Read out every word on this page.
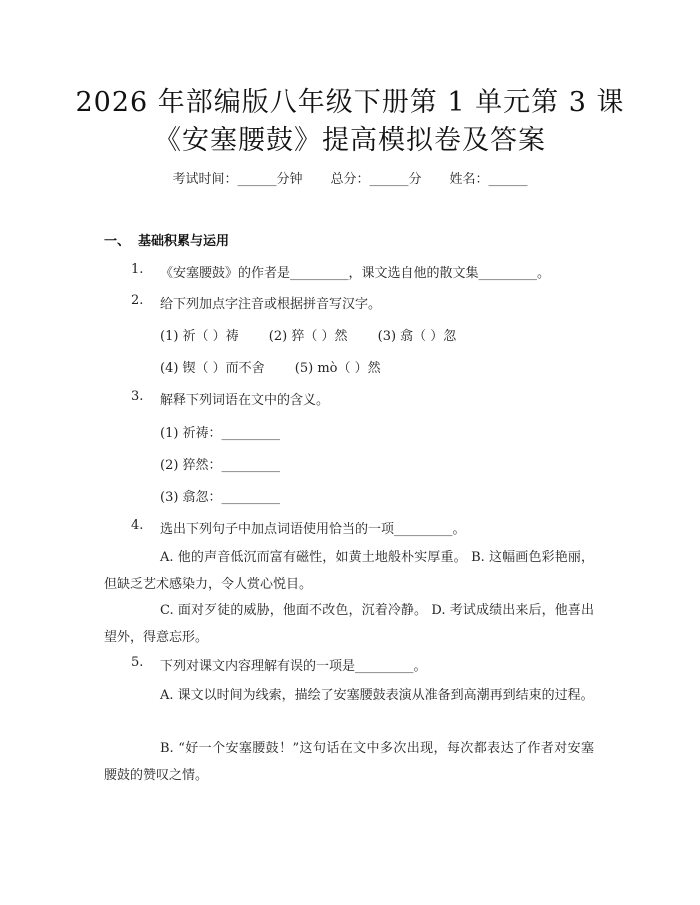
2026 年部编版八年级下册第 1 单元第 3 课
《安塞腰鼓》提高模拟卷及答案
考试时间：______分钟 总分：______分 姓名：______
一、 基础积累与运用
1. 《安塞腰鼓》的作者是_________，课文选自他的散文集_________。
2. 给下列加点字注音或根据拼音写汉字。
(1) 祈（ ）祷　　 (2) 猝（ ）然　　 (3) 翕（ ）忽
(4) 锲（ ）而不舍　　 (5) mò（ ）然
3. 解释下列词语在文中的含义。
(1) 祈祷：_________
(2) 猝然：_________
(3) 翕忽：_________
4. 选出下列句子中加点词语使用恰当的一项_________。
A. 他的声音低沉而富有磁性，如黄土地般朴实厚重。 B. 这幅画色彩艳丽，但缺乏艺术感染力，令人赏心悦目。
C. 面对歹徒的威胁，他面不改色，沉着冷静。 D. 考试成绩出来后，他喜出望外，得意忘形。
5. 下列对课文内容理解有误的一项是_________。
A. 课文以时间为线索，描绘了安塞腰鼓表演从准备到高潮再到结束的过程。
B. “好一个安塞腰鼓！”这句话在文中多次出现，每次都表达了作者对安塞腰鼓的赞叹之情。
